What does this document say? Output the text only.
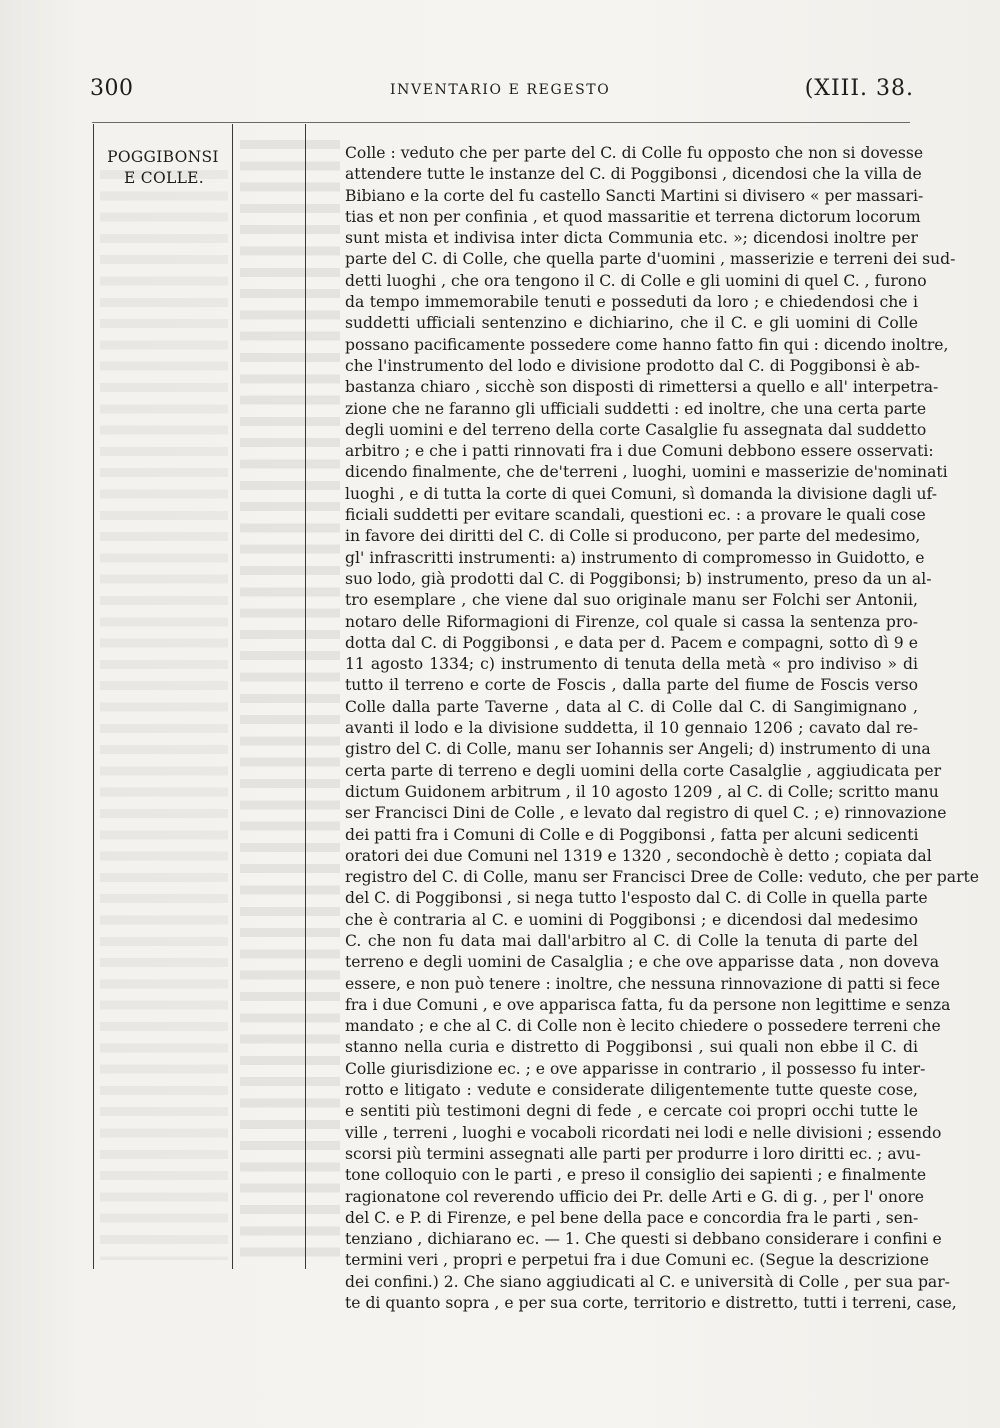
300	INVENTARIO E REGESTO	(XIII. 38.
POGGIBONSI
E COLLE.
Colle : veduto che per parte del C. di Colle fu opposto che non si dovesse
attendere tutte le instanze del C. di Poggibonsi , dicendosi che la villa de
Bibiano e la corte del fu castello Sancti Martini si divisero « per massari-
tias et non per confinia , et quod massaritie et terrena dictorum locorum
sunt mista et indivisa inter dicta Communia etc. »; dicendosi inoltre per
parte del C. di Colle, che quella parte d'uomini , masserizie e terreni dei sud-
detti luoghi , che ora tengono il C. di Colle e gli uomini di quel C. , furono
da tempo immemorabile tenuti e posseduti da loro ; e chiedendosi che i
suddetti ufficiali sentenzino e dichiarino, che il C. e gli uomini di Colle
possano pacificamente possedere come hanno fatto fin qui : dicendo inoltre,
che l'instrumento del lodo e divisione prodotto dal C. di Poggibonsi è ab-
bastanza chiaro , sicchè son disposti di rimettersi a quello e all' interpetra-
zione che ne faranno gli ufficiali suddetti : ed inoltre, che una certa parte
degli uomini e del terreno della corte Casalglie fu assegnata dal suddetto
arbitro ; e che i patti rinnovati fra i due Comuni debbono essere osservati:
dicendo finalmente, che de'terreni , luoghi, uomini e masserizie de'nominati
luoghi , e di tutta la corte di quei Comuni, sì domanda la divisione dagli uf-
ficiali suddetti per evitare scandali, questioni ec. : a provare le quali cose
in favore dei diritti del C. di Colle si producono, per parte del medesimo,
gl' infrascritti instrumenti: a) instrumento di compromesso in Guidotto, e
suo lodo, già prodotti dal C. di Poggibonsi; b) instrumento, preso da un al-
tro esemplare , che viene dal suo originale manu ser Folchi ser Antonii,
notaro delle Riformagioni di Firenze, col quale si cassa la sentenza pro-
dotta dal C. di Poggibonsi , e data per d. Pacem e compagni, sotto dì 9 e
11 agosto 1334; c) instrumento di tenuta della metà « pro indiviso » di
tutto il terreno e corte de Foscis , dalla parte del fiume de Foscis verso
Colle dalla parte Taverne , data al C. di Colle dal C. di Sangimignano ,
avanti il lodo e la divisione suddetta, il 10 gennaio 1206 ; cavato dal re-
gistro del C. di Colle, manu ser Iohannis ser Angeli; d) instrumento di una
certa parte di terreno e degli uomini della corte Casalglie , aggiudicata per
dictum Guidonem arbitrum , il 10 agosto 1209 , al C. di Colle; scritto manu
ser Francisci Dini de Colle , e levato dal registro di quel C. ; e) rinnovazione
dei patti fra i Comuni di Colle e di Poggibonsi , fatta per alcuni sedicenti
oratori dei due Comuni nel 1319 e 1320 , secondochè è detto ; copiata dal
registro del C. di Colle, manu ser Francisci Dree de Colle: veduto, che per parte
del C. di Poggibonsi , si nega tutto l'esposto dal C. di Colle in quella parte
che è contraria al C. e uomini di Poggibonsi ; e dicendosi dal medesimo
C. che non fu data mai dall'arbitro al C. di Colle la tenuta di parte del
terreno e degli uomini de Casalglia ; e che ove apparisse data , non doveva
essere, e non può tenere : inoltre, che nessuna rinnovazione di patti si fece
fra i due Comuni , e ove apparisca fatta, fu da persone non legittime e senza
mandato ; e che al C. di Colle non è lecito chiedere o possedere terreni che
stanno nella curia e distretto di Poggibonsi , sui quali non ebbe il C. di
Colle giurisdizione ec. ; e ove apparisse in contrario , il possesso fu inter-
rotto e litigato : vedute e considerate diligentemente tutte queste cose,
e sentiti più testimoni degni di fede , e cercate coi propri occhi tutte le
ville , terreni , luoghi e vocaboli ricordati nei lodi e nelle divisioni ; essendo
scorsi più termini assegnati alle parti per produrre i loro diritti ec. ; avu-
tone colloquio con le parti , e preso il consiglio dei sapienti ; e finalmente
ragionatone col reverendo ufficio dei Pr. delle Arti e G. di g. , per l' onore
del C. e P. di Firenze, e pel bene della pace e concordia fra le parti , sen-
tenziano , dichiarano ec. — 1. Che questi si debbano considerare i confini e
termini veri , propri e perpetui fra i due Comuni ec. (Segue la descrizione
dei confini.) 2. Che siano aggiudicati al C. e università di Colle , per sua par-
te di quanto sopra , e per sua corte, territorio e distretto, tutti i terreni, case,
